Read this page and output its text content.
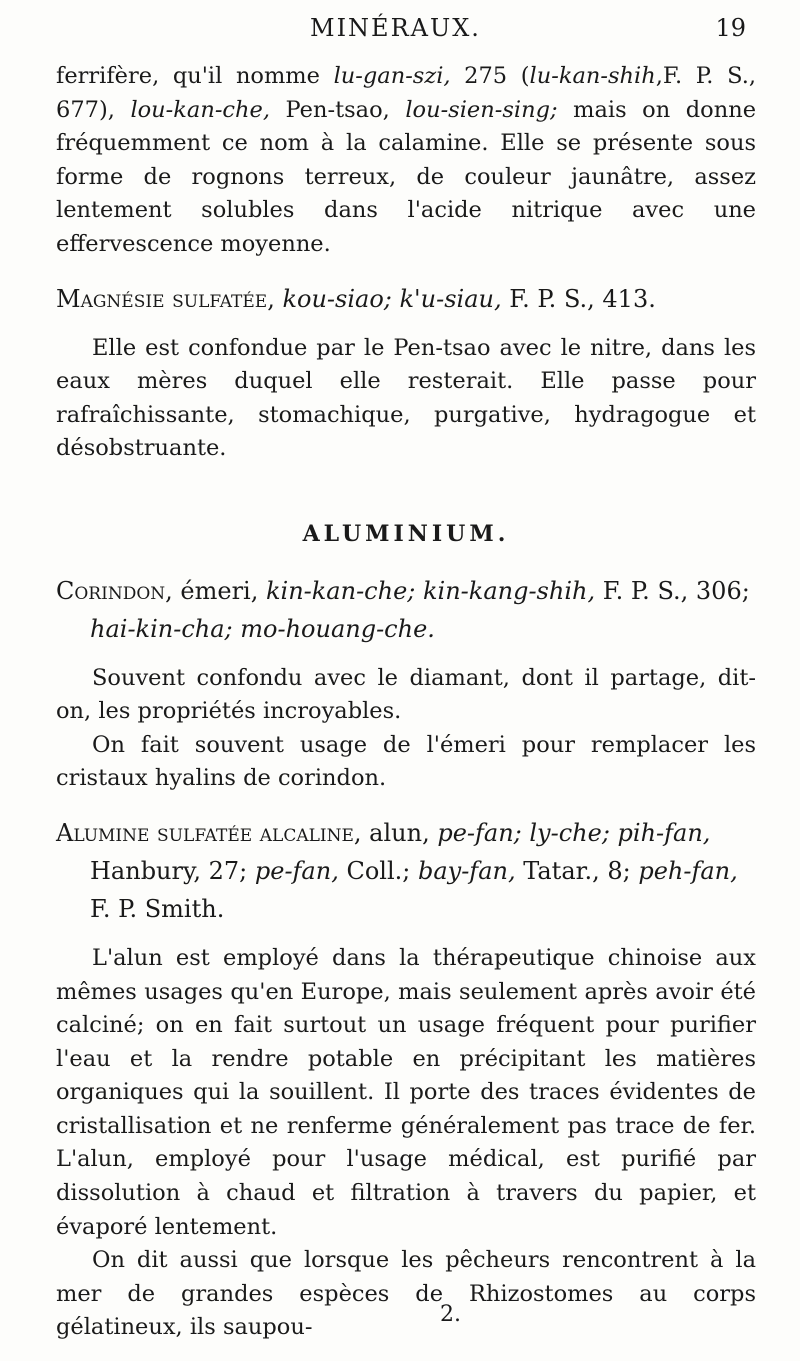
MINÉRAUX.	19

ferrifère, qu'il nomme lu-gan-szi, 275 (lu-kan-shih,F. P. S., 677), lou-kan-che, Pen-tsao, lou-sien-sing; mais on donne fréquemment ce nom à la calamine. Elle se présente sous forme de rognons terreux, de couleur jaunâtre, assez lentement solubles dans l'acide nitrique avec une effervescence moyenne.

Magnésie sulfatée, kou-siao; k'u-siau, F. P. S., 413.

Elle est confondue par le Pen-tsao avec le nitre, dans les eaux mères duquel elle resterait. Elle passe pour rafraîchissante, stomachique, purgative, hydragogue et désobstruante.

ALUMINIUM.

Corindon, émeri, kin-kan-che; kin-kang-shih, F. P. S., 306; hai-kin-cha; mo-houang-che.

Souvent confondu avec le diamant, dont il partage, dit-on, les propriétés incroyables.

On fait souvent usage de l'émeri pour remplacer les cristaux hyalins de corindon.

Alumine sulfatée alcaline, alun, pe-fan; ly-che; pih-fan, Hanbury, 27; pe-fan, Coll.; bay-fan, Tatar., 8; peh-fan, F. P. Smith.

L'alun est employé dans la thérapeutique chinoise aux mêmes usages qu'en Europe, mais seulement après avoir été calciné; on en fait surtout un usage fréquent pour purifier l'eau et la rendre potable en précipitant les matières organiques qui la souillent. Il porte des traces évidentes de cristallisation et ne renferme généralement pas trace de fer. L'alun, employé pour l'usage médical, est purifié par dissolution à chaud et filtration à travers du papier, et évaporé lentement.

On dit aussi que lorsque les pêcheurs rencontrent à la mer de grandes espèces de Rhizostomes au corps gélatineux, ils saupou-	2.
